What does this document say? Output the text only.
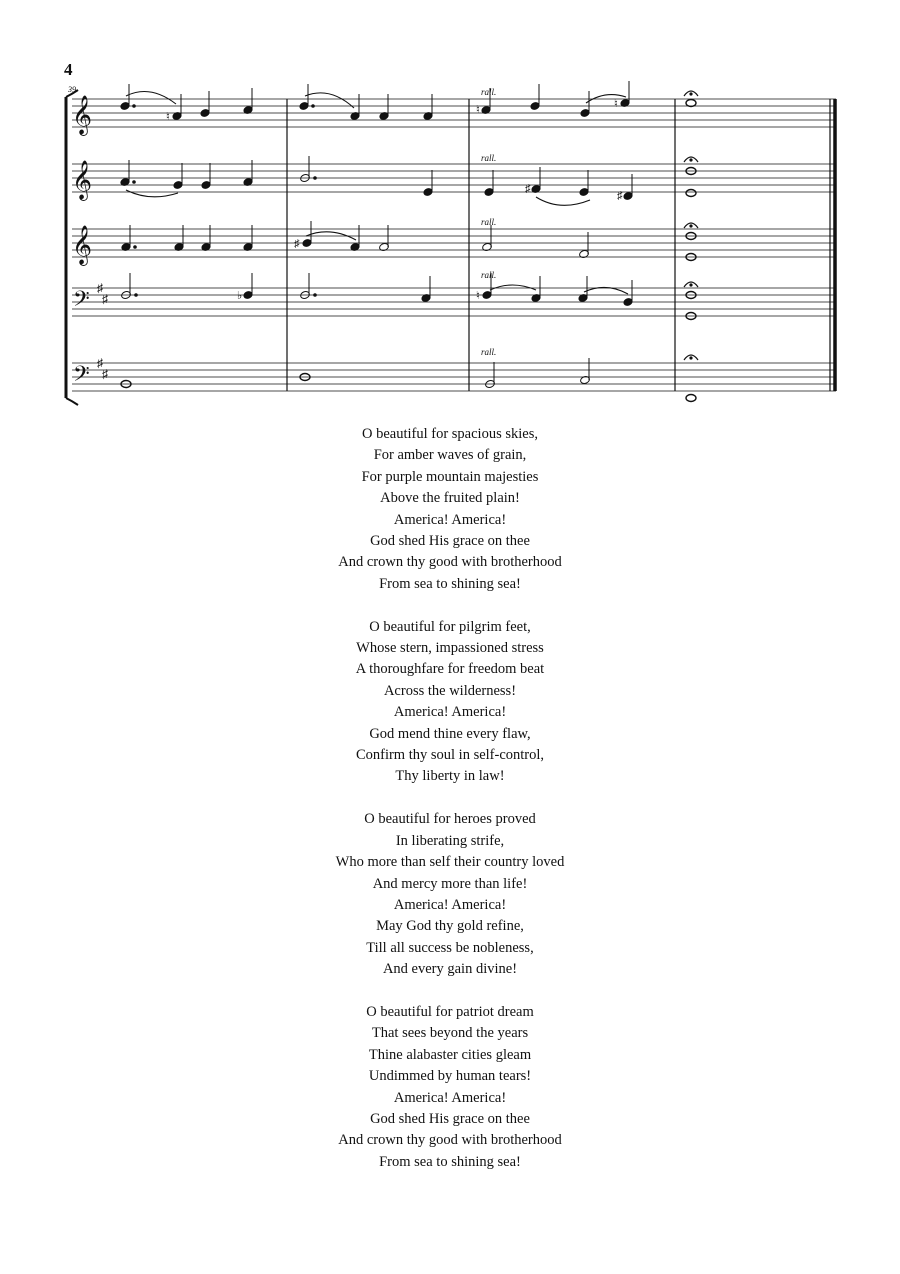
4
𝄞
𝄞
𝄞
𝄢
𝄢
♯
♯
♯
♯
39	rall.
rall.
rall.
rall.
rall.
♮
♮	♮
♯
♯
♯
♭	♮
O beautiful for spacious skies,
For amber waves of grain,
For purple mountain majesties
Above the fruited plain!
America! America!
God shed His grace on thee
And crown thy good with brotherhood
From sea to shining sea!
O beautiful for pilgrim feet,
Whose stern, impassioned stress
A thoroughfare for freedom beat
Across the wilderness!
America! America!
God mend thine every flaw,
Confirm thy soul in self-control,
Thy liberty in law!
O beautiful for heroes proved
In liberating strife,
Who more than self their country loved
And mercy more than life!
America! America!
May God thy gold refine,
Till all success be nobleness,
And every gain divine!
O beautiful for patriot dream
That sees beyond the years
Thine alabaster cities gleam
Undimmed by human tears!
America! America!
God shed His grace on thee
And crown thy good with brotherhood
From sea to shining sea!
